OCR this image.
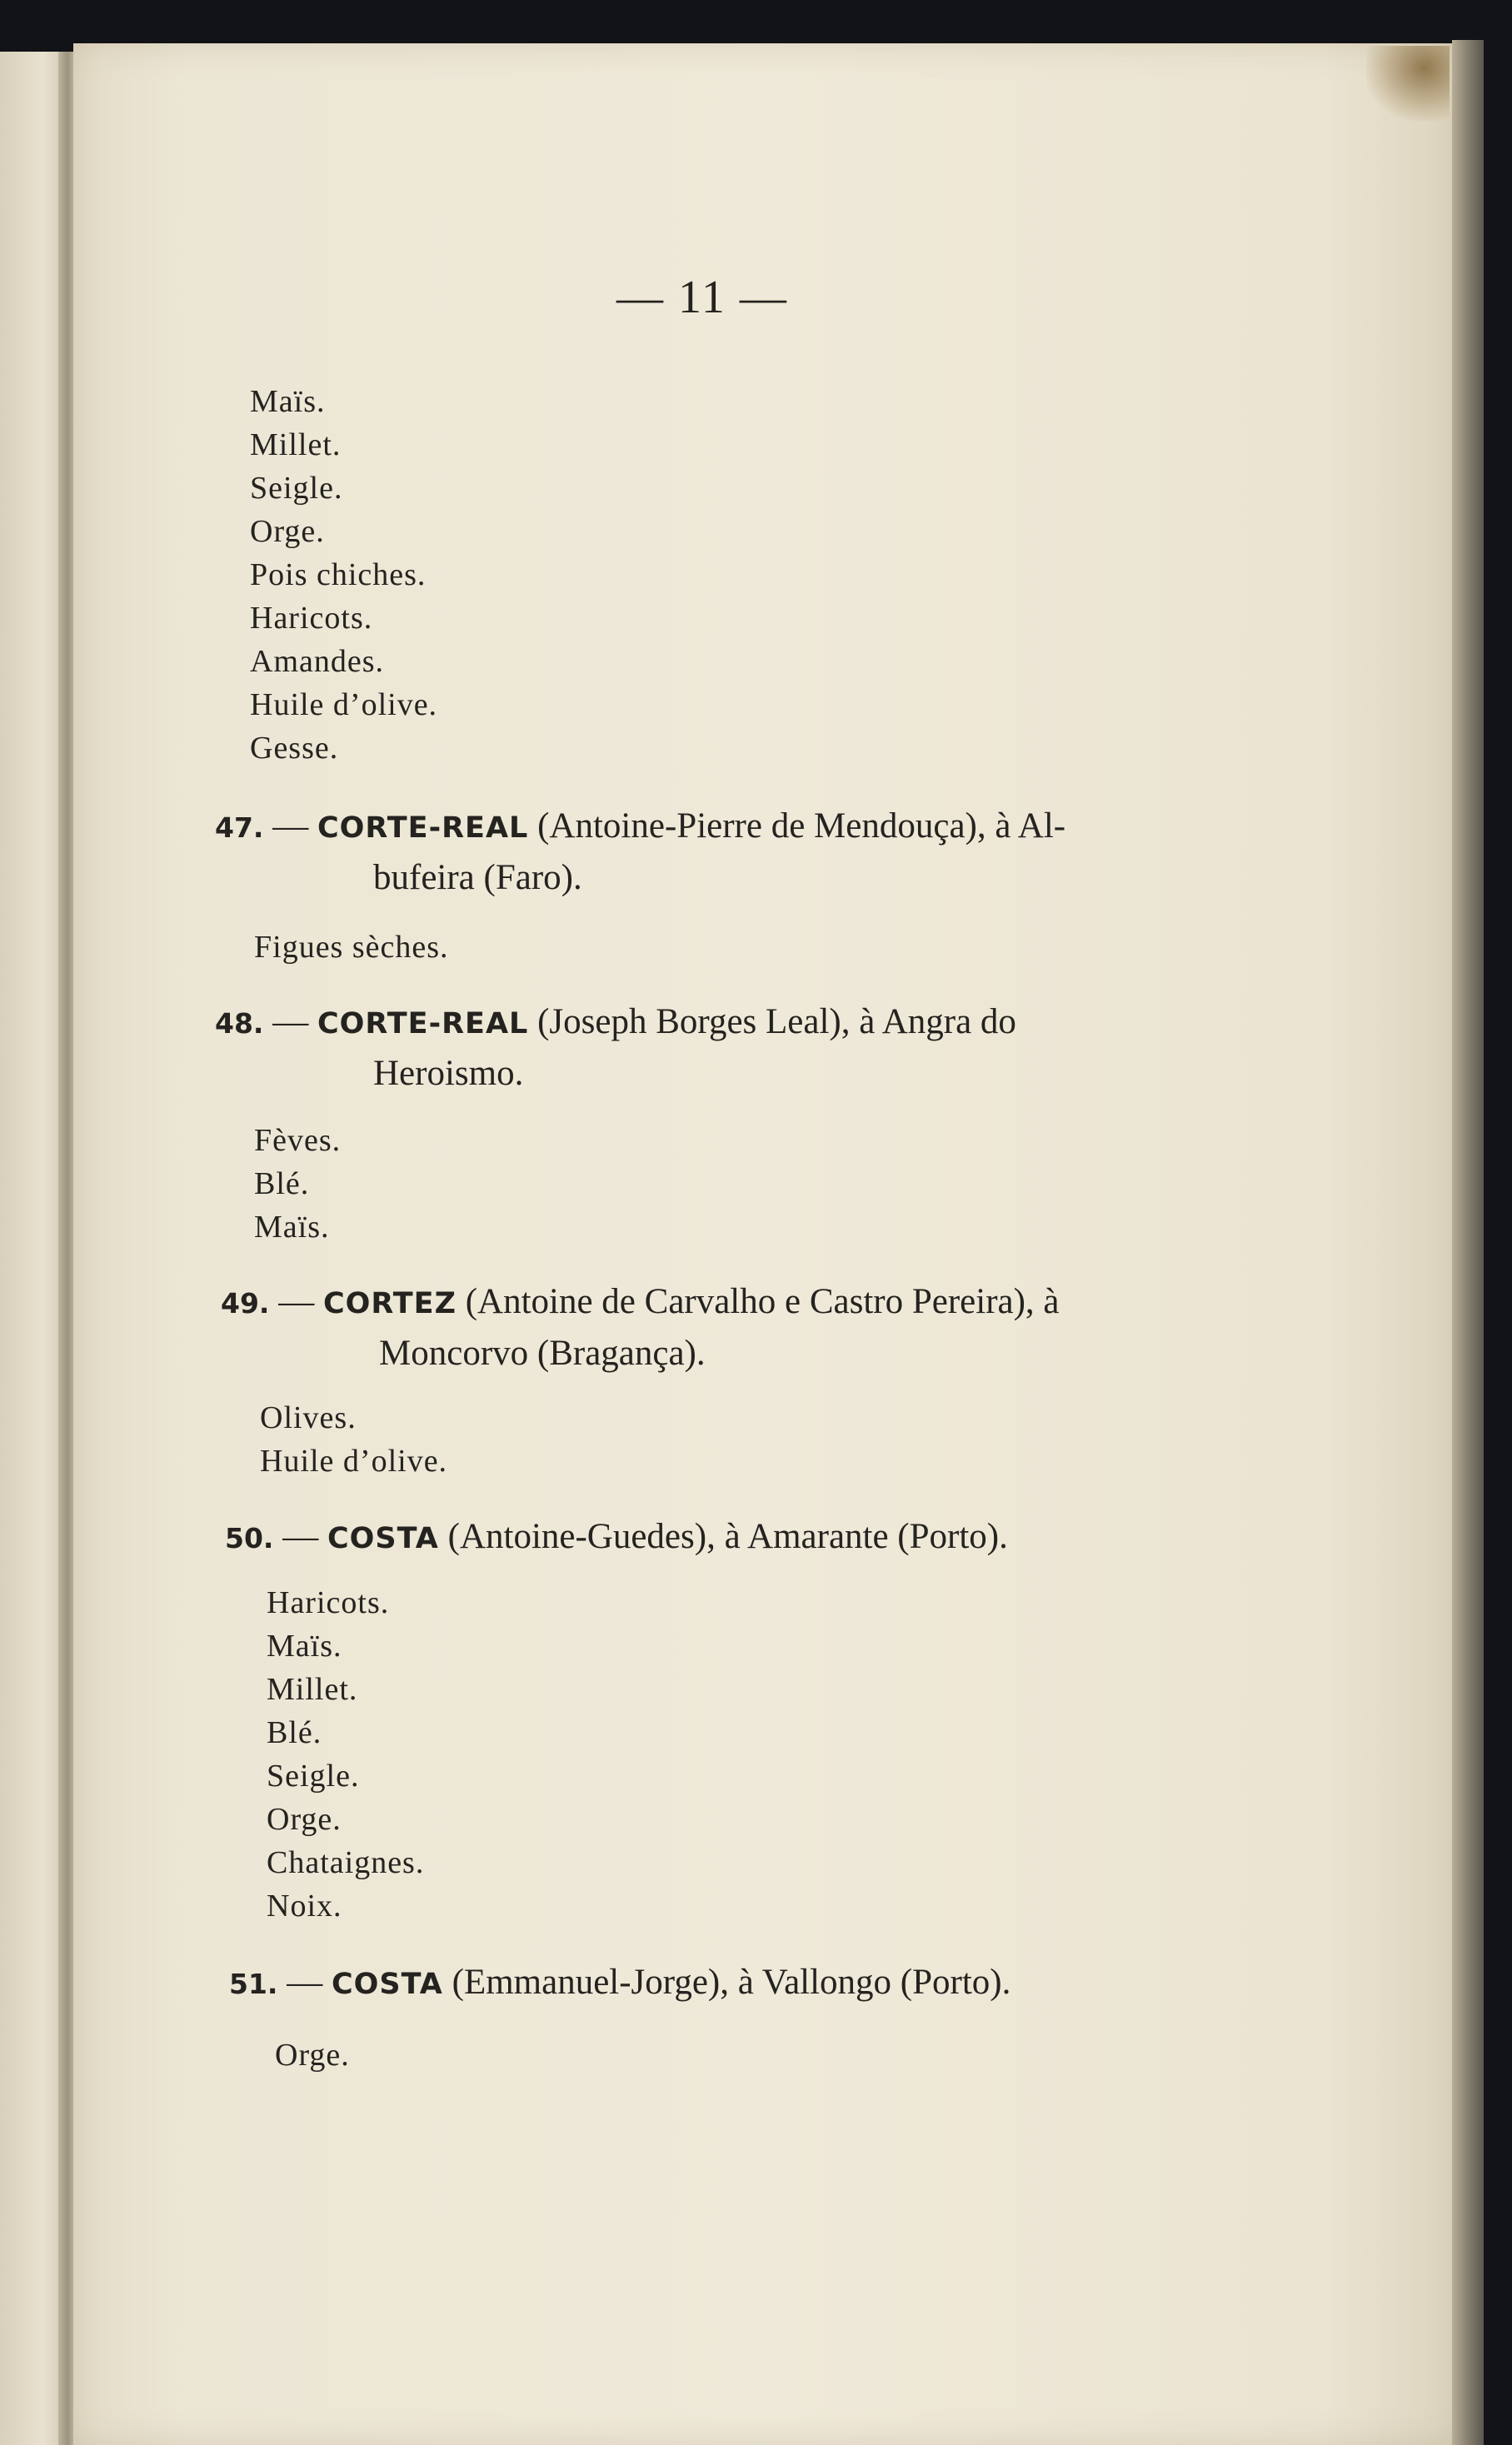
— 11 —
Maïs.
Millet.
Seigle.
Orge.
Pois chiches.
Haricots.
Amandes.
Huile d’olive.
Gesse.
47. — CORTE-REAL (Antoine-Pierre de Mendouça), à Al-
bufeira (Faro).
Figues sèches.
48. — CORTE-REAL (Joseph Borges Leal), à Angra do
Heroismo.
Fèves.
Blé.
Maïs.
49. — CORTEZ (Antoine de Carvalho e Castro Pereira), à
Moncorvo (Bragança).
Olives.
Huile d’olive.
50. — COSTA (Antoine-Guedes), à Amarante (Porto).
Haricots.
Maïs.
Millet.
Blé.
Seigle.
Orge.
Chataignes.
Noix.
51. — COSTA (Emmanuel-Jorge), à Vallongo (Porto).
Orge.
